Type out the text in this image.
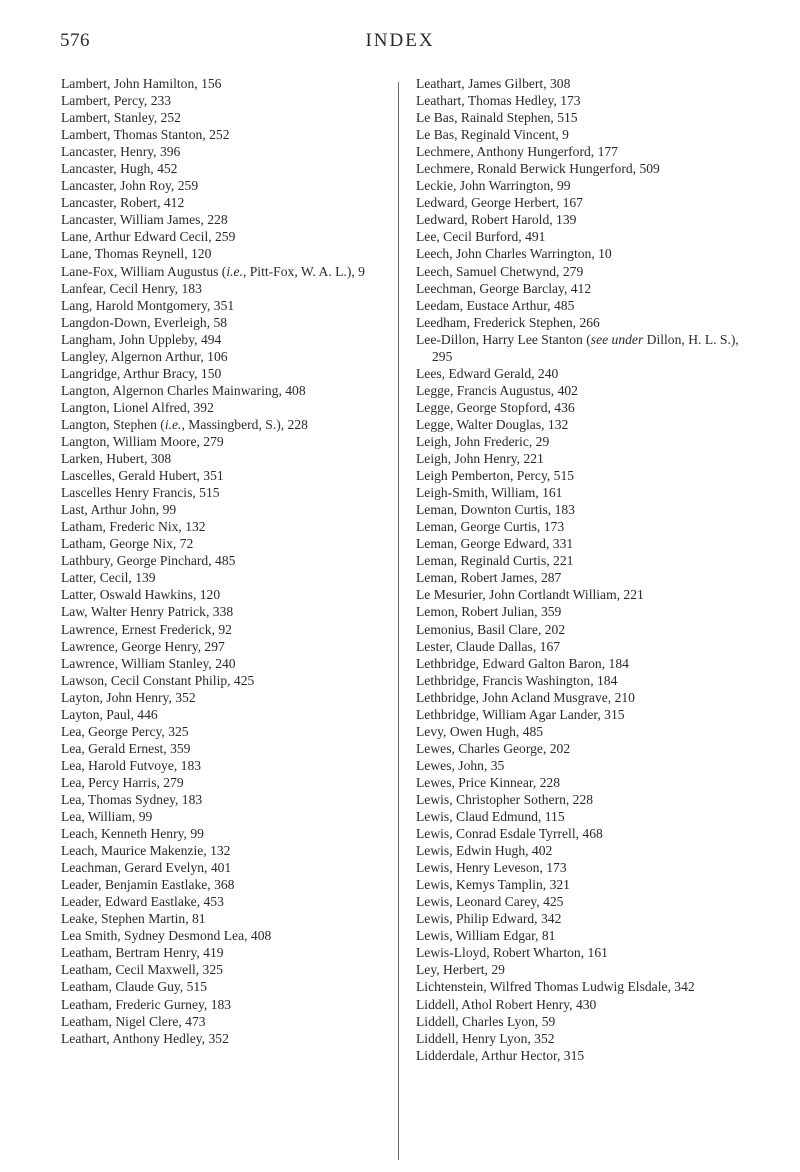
576	INDEX
Lambert, John Hamilton, 156
Lambert, Percy, 233
Lambert, Stanley, 252
Lambert, Thomas Stanton, 252
Lancaster, Henry, 396
Lancaster, Hugh, 452
Lancaster, John Roy, 259
Lancaster, Robert, 412
Lancaster, William James, 228
Lane, Arthur Edward Cecil, 259
Lane, Thomas Reynell, 120
Lane-Fox, William Augustus (i.e., Pitt-Fox, W. A. L.), 9
Lanfear, Cecil Henry, 183
Lang, Harold Montgomery, 351
Langdon-Down, Everleigh, 58
Langham, John Uppleby, 494
Langley, Algernon Arthur, 106
Langridge, Arthur Bracy, 150
Langton, Algernon Charles Mainwaring, 408
Langton, Lionel Alfred, 392
Langton, Stephen (i.e., Massingberd, S.), 228
Langton, William Moore, 279
Larken, Hubert, 308
Lascelles, Gerald Hubert, 351
Lascelles Henry Francis, 515
Last, Arthur John, 99
Latham, Frederic Nix, 132
Latham, George Nix, 72
Lathbury, George Pinchard, 485
Latter, Cecil, 139
Latter, Oswald Hawkins, 120
Law, Walter Henry Patrick, 338
Lawrence, Ernest Frederick, 92
Lawrence, George Henry, 297
Lawrence, William Stanley, 240
Lawson, Cecil Constant Philip, 425
Layton, John Henry, 352
Layton, Paul, 446
Lea, George Percy, 325
Lea, Gerald Ernest, 359
Lea, Harold Futvoye, 183
Lea, Percy Harris, 279
Lea, Thomas Sydney, 183
Lea, William, 99
Leach, Kenneth Henry, 99
Leach, Maurice Makenzie, 132
Leachman, Gerard Evelyn, 401
Leader, Benjamin Eastlake, 368
Leader, Edward Eastlake, 453
Leake, Stephen Martin, 81
Lea Smith, Sydney Desmond Lea, 408
Leatham, Bertram Henry, 419
Leatham, Cecil Maxwell, 325
Leatham, Claude Guy, 515
Leatham, Frederic Gurney, 183
Leatham, Nigel Clere, 473
Leathart, Anthony Hedley, 352
Leathart, James Gilbert, 308
Leathart, Thomas Hedley, 173
Le Bas, Rainald Stephen, 515
Le Bas, Reginald Vincent, 9
Lechmere, Anthony Hungerford, 177
Lechmere, Ronald Berwick Hungerford, 509
Leckie, John Warrington, 99
Ledward, George Herbert, 167
Ledward, Robert Harold, 139
Lee, Cecil Burford, 491
Leech, John Charles Warrington, 10
Leech, Samuel Chetwynd, 279
Leechman, George Barclay, 412
Leedam, Eustace Arthur, 485
Leedham, Frederick Stephen, 266
Lee-Dillon, Harry Lee Stanton (see under Dillon, H. L. S.), 295
Lees, Edward Gerald, 240
Legge, Francis Augustus, 402
Legge, George Stopford, 436
Legge, Walter Douglas, 132
Leigh, John Frederic, 29
Leigh, John Henry, 221
Leigh Pemberton, Percy, 515
Leigh-Smith, William, 161
Leman, Downton Curtis, 183
Leman, George Curtis, 173
Leman, George Edward, 331
Leman, Reginald Curtis, 221
Leman, Robert James, 287
Le Mesurier, John Cortlandt William, 221
Lemon, Robert Julian, 359
Lemonius, Basil Clare, 202
Lester, Claude Dallas, 167
Lethbridge, Edward Galton Baron, 184
Lethbridge, Francis Washington, 184
Lethbridge, John Acland Musgrave, 210
Lethbridge, William Agar Lander, 315
Levy, Owen Hugh, 485
Lewes, Charles George, 202
Lewes, John, 35
Lewes, Price Kinnear, 228
Lewis, Christopher Sothern, 228
Lewis, Claud Edmund, 115
Lewis, Conrad Esdale Tyrrell, 468
Lewis, Edwin Hugh, 402
Lewis, Henry Leveson, 173
Lewis, Kemys Tamplin, 321
Lewis, Leonard Carey, 425
Lewis, Philip Edward, 342
Lewis, William Edgar, 81
Lewis-Lloyd, Robert Wharton, 161
Ley, Herbert, 29
Lichtenstein, Wilfred Thomas Ludwig Elsdale, 342
Liddell, Athol Robert Henry, 430
Liddell, Charles Lyon, 59
Liddell, Henry Lyon, 352
Lidderdale, Arthur Hector, 315
